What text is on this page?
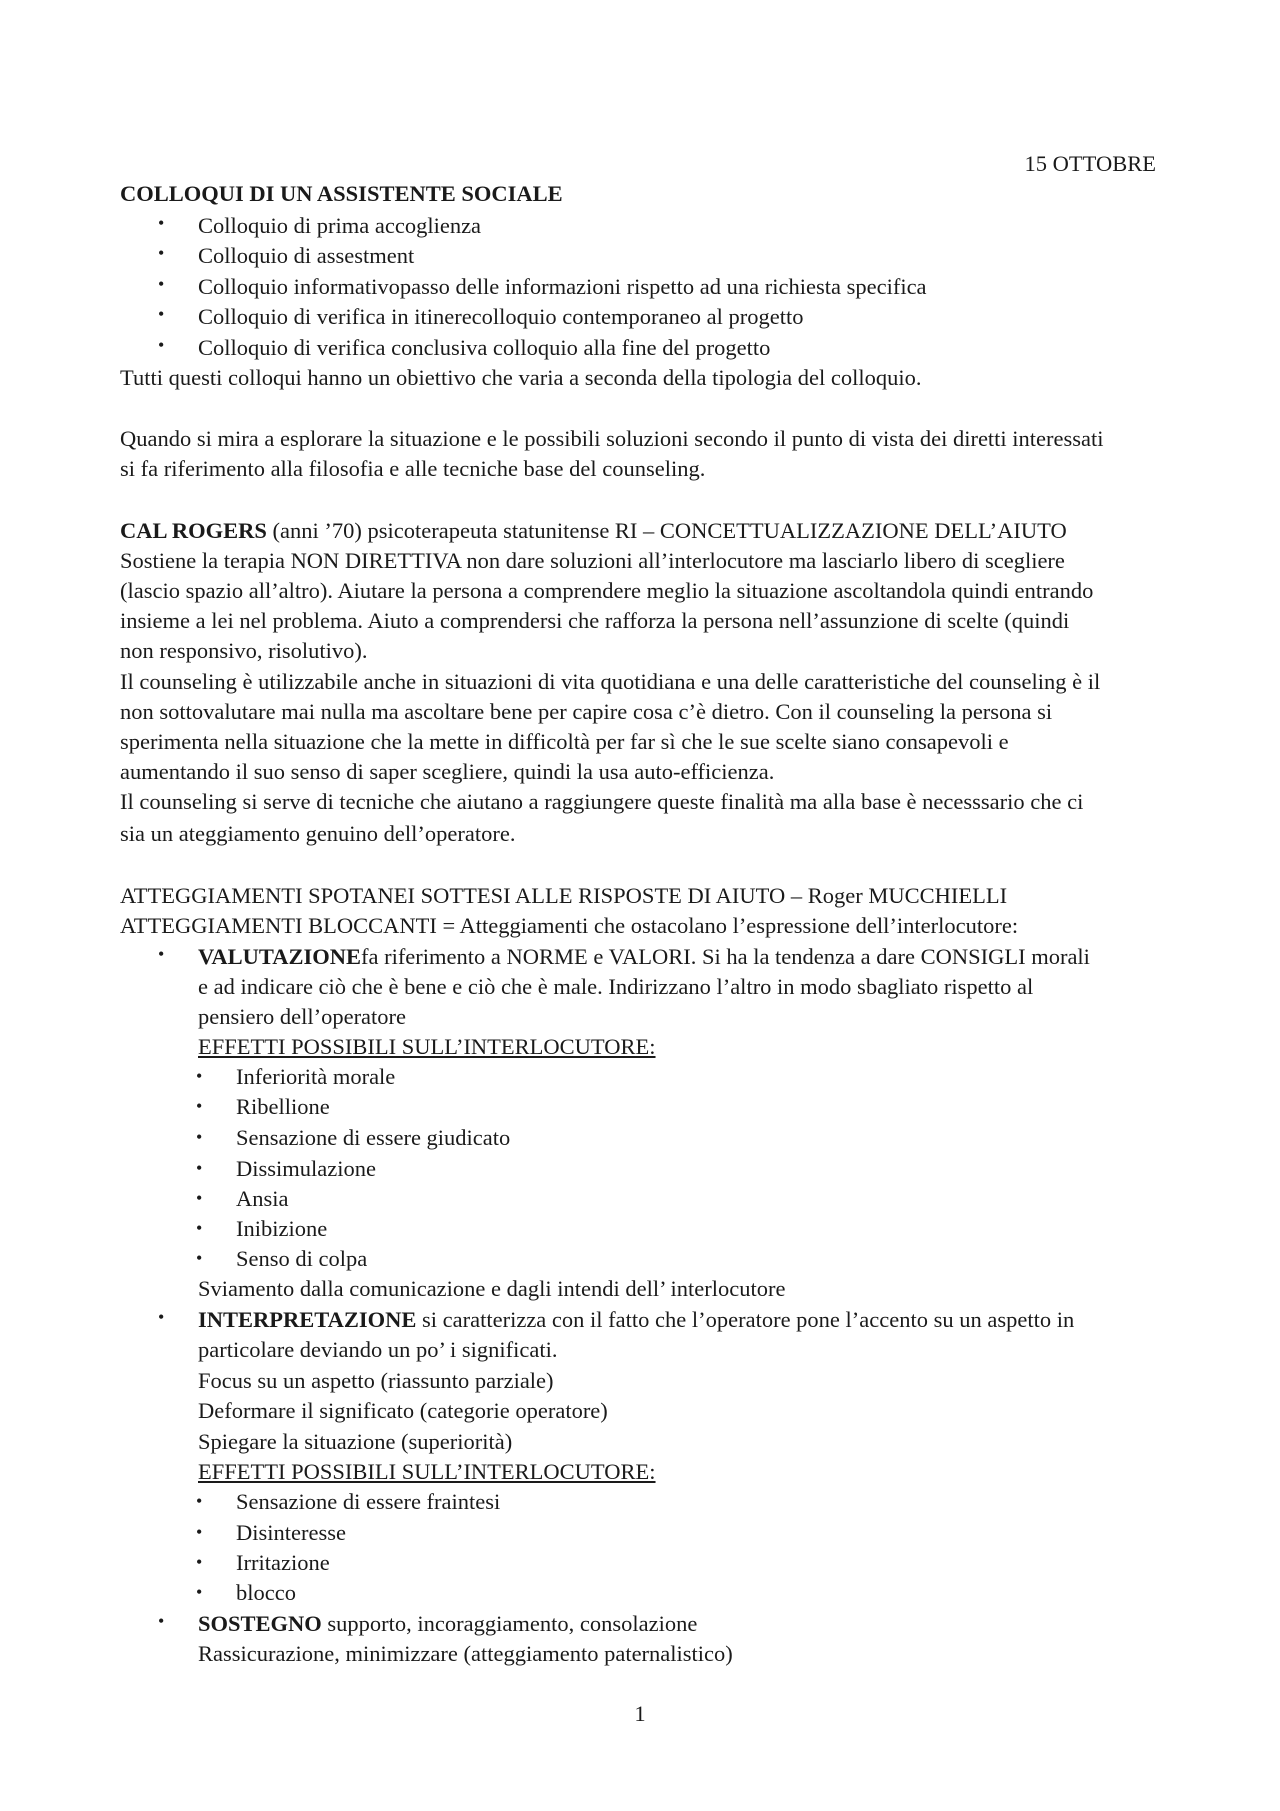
15 OTTOBRE
COLLOQUI DI UN ASSISTENTE SOCIALE
• Colloquio di prima accoglienza
• Colloquio di assestment
• Colloquio informativopasso delle informazioni rispetto ad una richiesta specifica
• Colloquio di verifica in itinerecolloquio contemporaneo al progetto
• Colloquio di verifica conclusiva colloquio alla fine del progetto
Tutti questi colloqui hanno un obiettivo che varia a seconda della tipologia del colloquio.
Quando si mira a esplorare la situazione e le possibili soluzioni secondo il punto di vista dei diretti interessati
si fa riferimento alla filosofia e alle tecniche base del counseling.
CAL ROGERS (anni ’70) psicoterapeuta statunitense RI – CONCETTUALIZZAZIONE DELL’AIUTO
Sostiene la terapia NON DIRETTIVA non dare soluzioni all’interlocutore ma lasciarlo libero di scegliere
(lascio spazio all’altro). Aiutare la persona a comprendere meglio la situazione ascoltandola quindi entrando
insieme a lei nel problema. Aiuto a comprendersi che rafforza la persona nell’assunzione di scelte (quindi
non responsivo, risolutivo).
Il counseling è utilizzabile anche in situazioni di vita quotidiana e una delle caratteristiche del counseling è il
non sottovalutare mai nulla ma ascoltare bene per capire cosa c’è dietro. Con il counseling la persona si
sperimenta nella situazione che la mette in difficoltà per far sì che le sue scelte siano consapevoli e
aumentando il suo senso di saper scegliere, quindi la usa auto-efficienza.
Il counseling si serve di tecniche che aiutano a raggiungere queste finalità ma alla base è necesssario che ci
sia un ateggiamento genuino dell’operatore.
ATTEGGIAMENTI SPOTANEI SOTTESI ALLE RISPOSTE DI AIUTO – Roger MUCCHIELLI
ATTEGGIAMENTI BLOCCANTI = Atteggiamenti che ostacolano l’espressione dell’interlocutore:
• VALUTAZIONEfa riferimento a NORME e VALORI. Si ha la tendenza a dare CONSIGLI morali
e ad indicare ciò che è bene e ciò che è male. Indirizzano l’altro in modo sbagliato rispetto al
pensiero dell’operatore
EFFETTI POSSIBILI SULL’INTERLOCUTORE:
• Inferiorità morale
• Ribellione
• Sensazione di essere giudicato
• Dissimulazione
• Ansia
• Inibizione
• Senso di colpa
Sviamento dalla comunicazione e dagli intendi dell’ interlocutore
• INTERPRETAZIONE si caratterizza con il fatto che l’operatore pone l’accento su un aspetto in
particolare deviando un po’ i significati.
Focus su un aspetto (riassunto parziale)
Deformare il significato (categorie operatore)
Spiegare la situazione (superiorità)
EFFETTI POSSIBILI SULL’INTERLOCUTORE:
• Sensazione di essere fraintesi
• Disinteresse
• Irritazione
• blocco
• SOSTEGNO supporto, incoraggiamento, consolazione
Rassicurazione, minimizzare (atteggiamento paternalistico)
1
